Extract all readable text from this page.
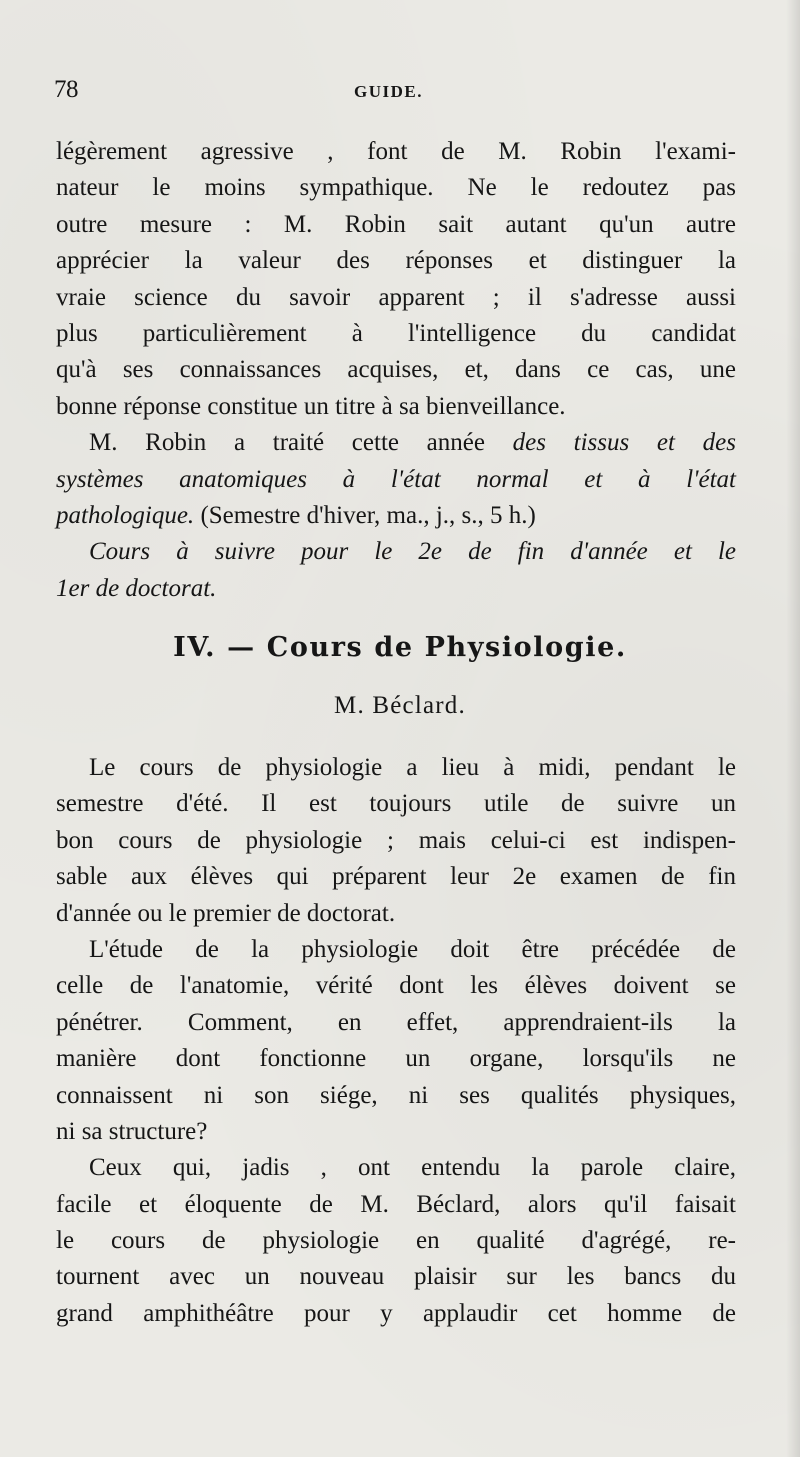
78	GUIDE.
légèrement agressive , font de M. Robin l'exami-
nateur le moins sympathique. Ne le redoutez pas
outre mesure : M. Robin sait autant qu'un autre
apprécier la valeur des réponses et distinguer la
vraie science du savoir apparent ; il s'adresse aussi
plus particulièrement à l'intelligence du candidat
qu'à ses connaissances acquises, et, dans ce cas, une
bonne réponse constitue un titre à sa bienveillance.
M. Robin a traité cette année des tissus et des
systèmes anatomiques à l'état normal et à l'état
pathologique. (Semestre d'hiver, ma., j., s., 5 h.)
Cours à suivre pour le 2e de fin d'année et le
1er de doctorat.
IV. — Cours de Physiologie.
M. Béclard.
Le cours de physiologie a lieu à midi, pendant le
semestre d'été. Il est toujours utile de suivre un
bon cours de physiologie ; mais celui-ci est indispen-
sable aux élèves qui préparent leur 2e examen de fin
d'année ou le premier de doctorat.
L'étude de la physiologie doit être précédée de
celle de l'anatomie, vérité dont les élèves doivent se
pénétrer. Comment, en effet, apprendraient-ils la
manière dont fonctionne un organe, lorsqu'ils ne
connaissent ni son siége, ni ses qualités physiques,
ni sa structure?
Ceux qui, jadis , ont entendu la parole claire,
facile et éloquente de M. Béclard, alors qu'il faisait
le cours de physiologie en qualité d'agrégé, re-
tournent avec un nouveau plaisir sur les bancs du
grand amphithéâtre pour y applaudir cet homme de
